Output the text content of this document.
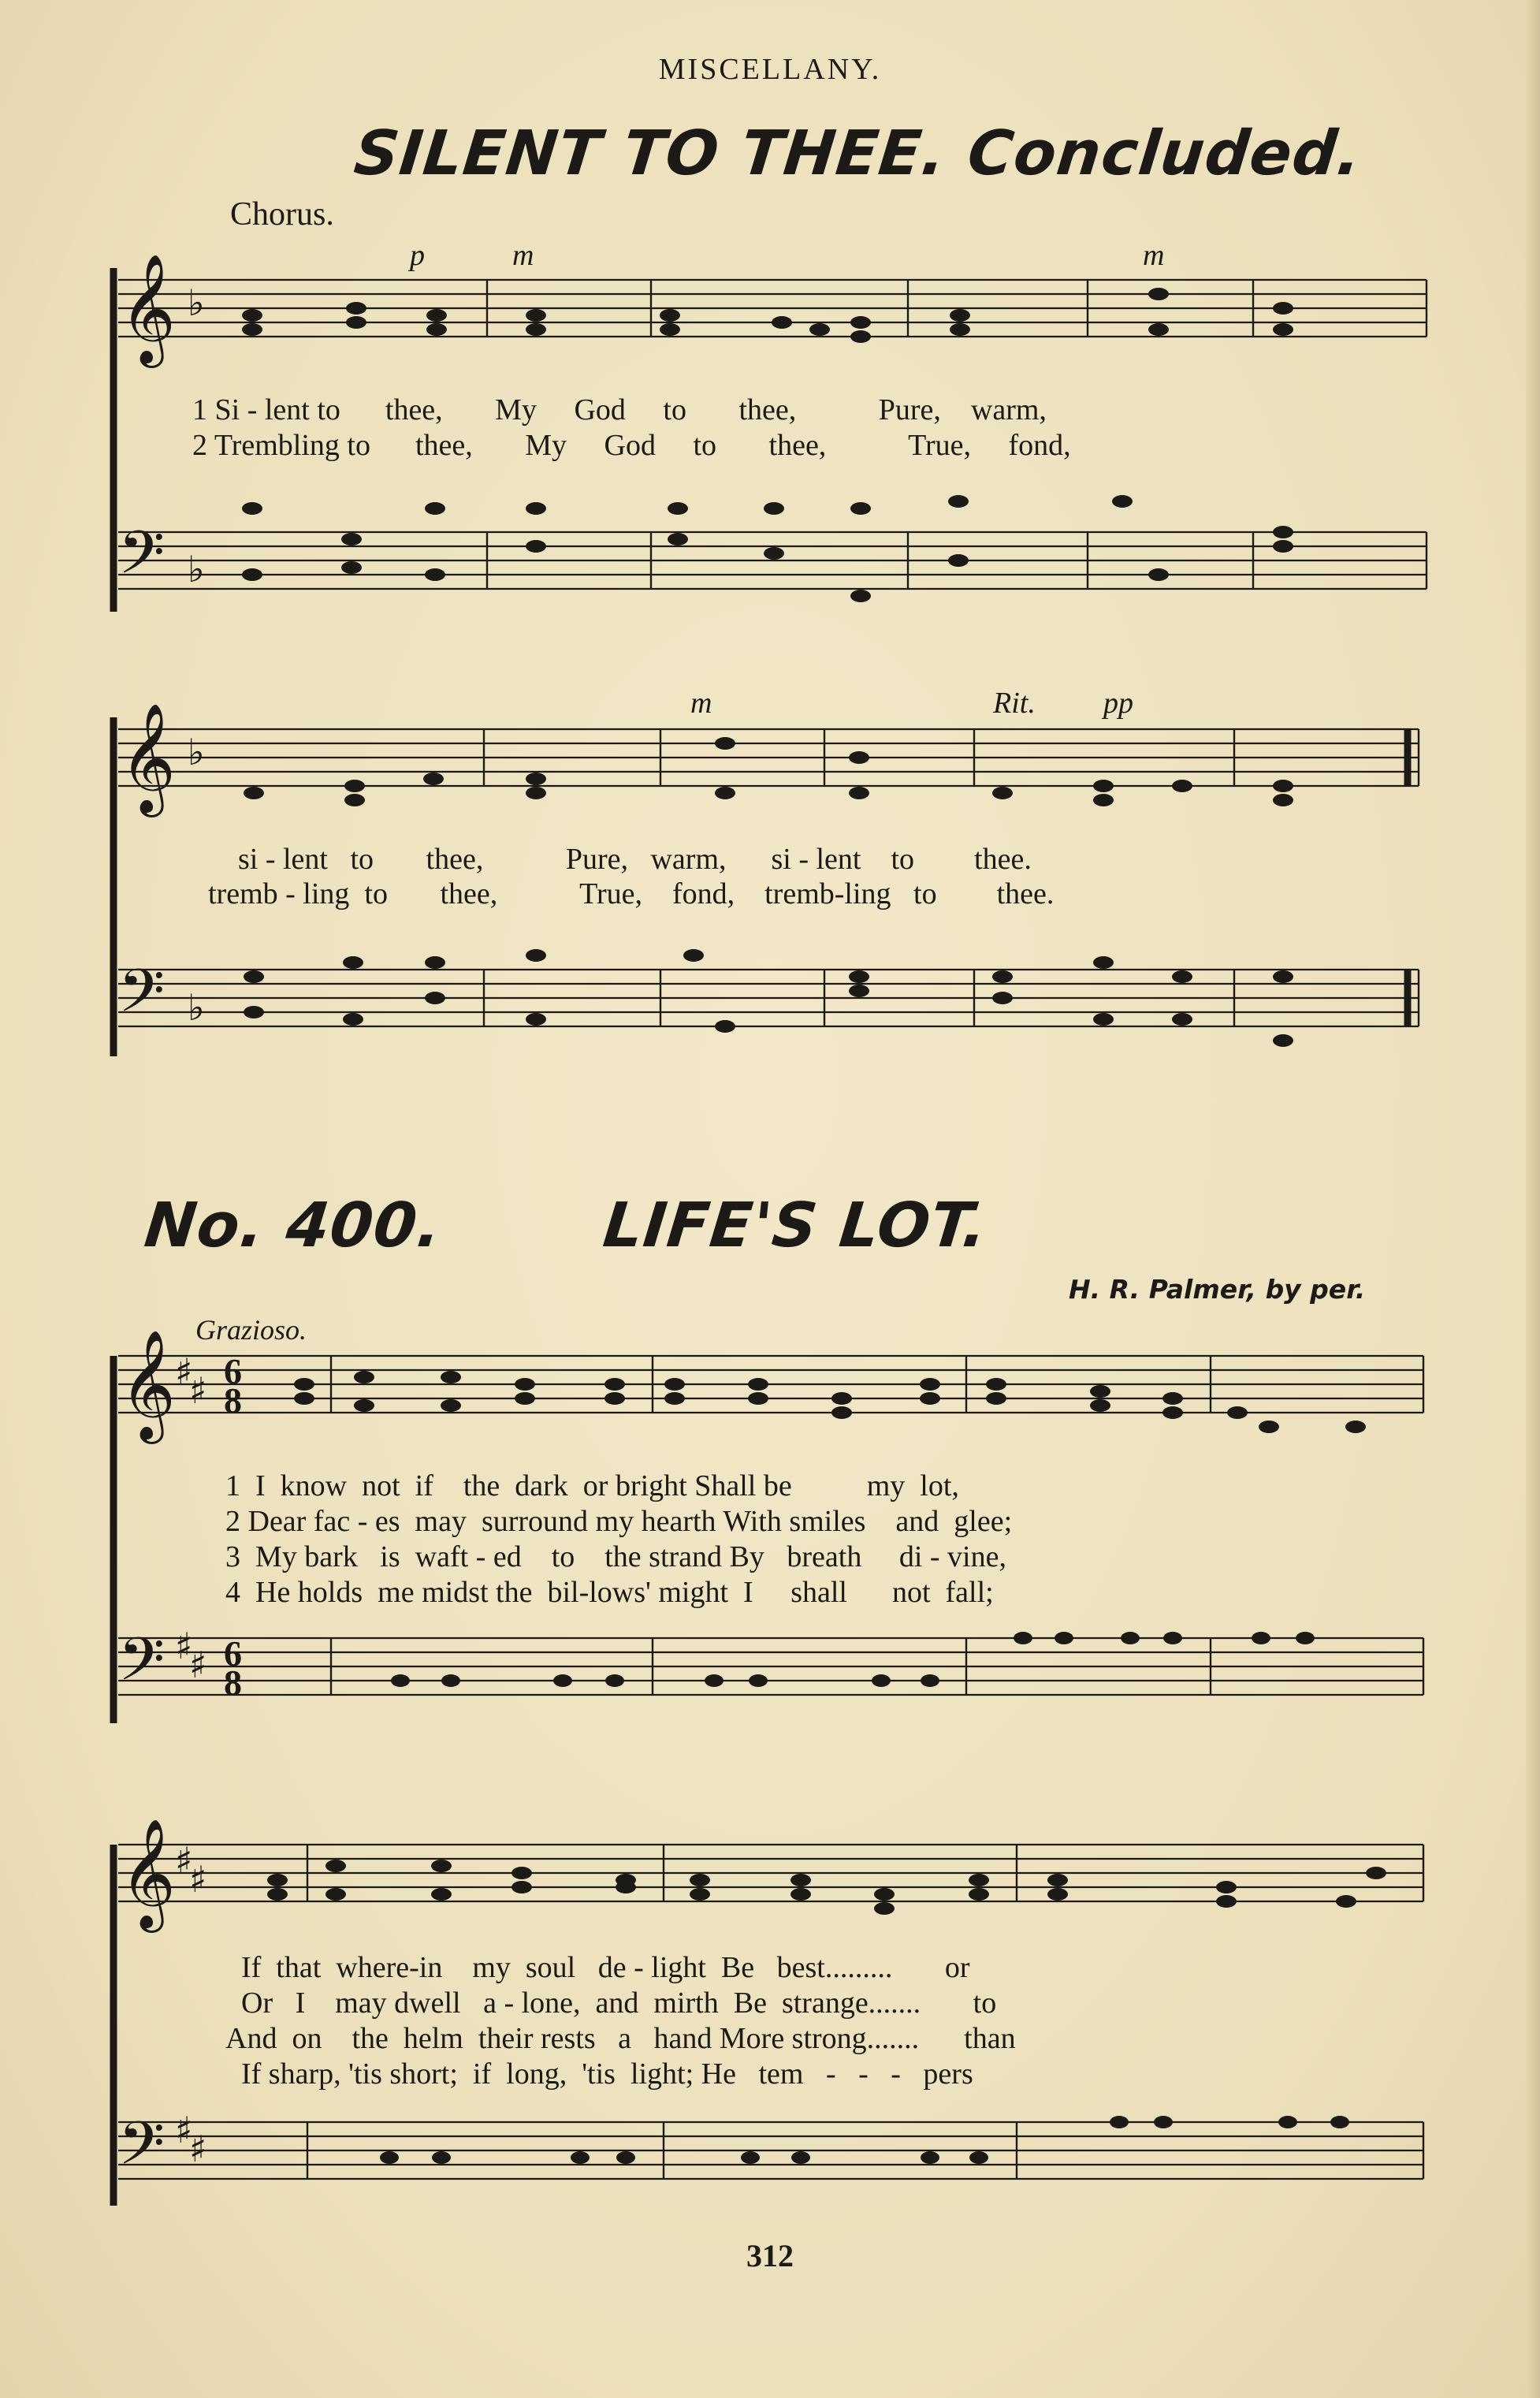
MISCELLANY.
SILENT TO THEE. Concluded.
Chorus.
p	m	m
𝄞 ♭
𝄢 ♭
1 Si - lent to      thee,       My     God     to       thee,           Pure,    warm,
2 Trembling to      thee,       My     God     to       thee,           True,     fond,
m	Rit. pp
𝄞 ♭
𝄢 ♭
si - lent   to       thee,           Pure,   warm,      si - lent    to        thee.
tremb - ling  to       thee,           True,    fond,    tremb-ling   to        thee.
No. 400.	LIFE'S LOT.
H. R. Palmer, by per.
Grazioso.
𝄞 ♯
♯ 6
8
𝄢 ♯
♯ 6
8
1  I  know  not  if    the  dark  or bright Shall be          my  lot,
2 Dear fac - es  may  surround my hearth With smiles    and  glee;
3  My bark   is  waft - ed    to    the strand By   breath     di - vine,
4  He holds  me midst the  bil-lows' might  I     shall      not  fall;
𝄞 ♯
♯
𝄢 ♯
♯
If  that  where-in    my  soul   de - light  Be   best.........       or
Or   I    may dwell   a - lone,  and  mirth  Be  strange.......       to
And  on    the  helm  their rests   a   hand More strong.......      than
If sharp, 'tis short;  if  long,  'tis  light; He   tem   -   -   -   pers
312
